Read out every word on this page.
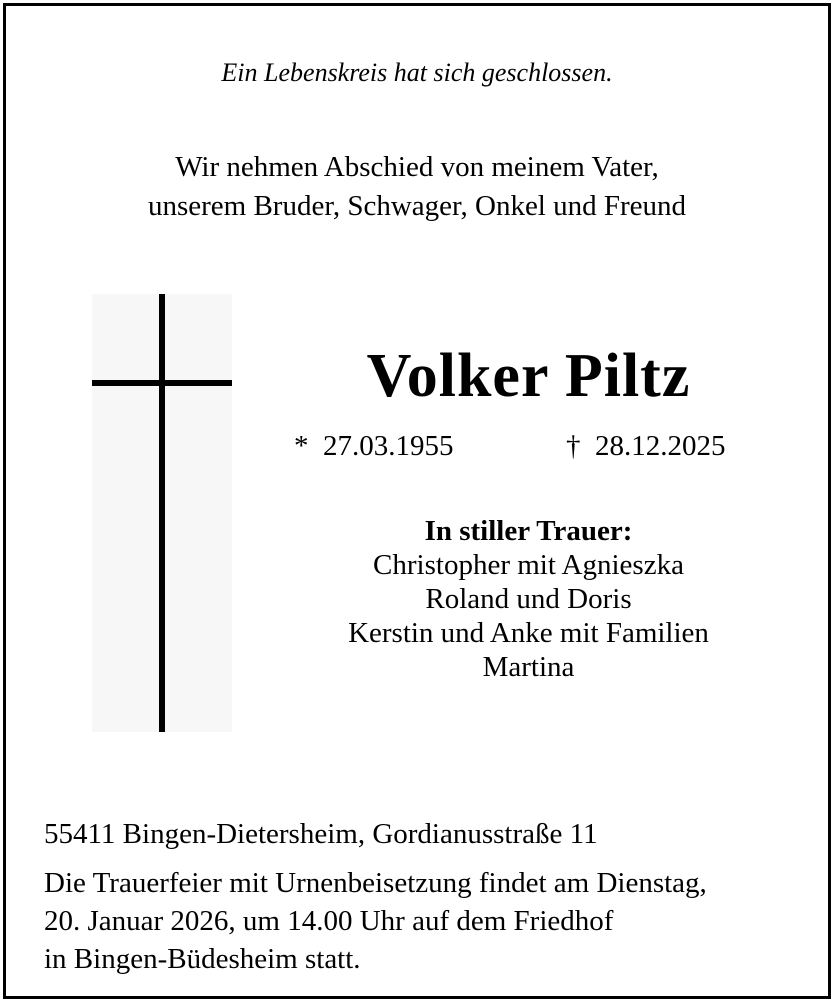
Ein Lebenskreis hat sich geschlossen.
Wir nehmen Abschied von meinem Vater,
unserem Bruder, Schwager, Onkel und Freund
Volker Piltz
* 27.03.1955	† 28.12.2025
In stiller Trauer:
Christopher mit Agnieszka
Roland und Doris
Kerstin und Anke mit Familien
Martina
55411 Bingen-Dietersheim, Gordianusstraße 11
Die Trauerfeier mit Urnenbeisetzung findet am Dienstag,
20. Januar 2026, um 14.00 Uhr auf dem Friedhof
in Bingen-Büdesheim statt.
